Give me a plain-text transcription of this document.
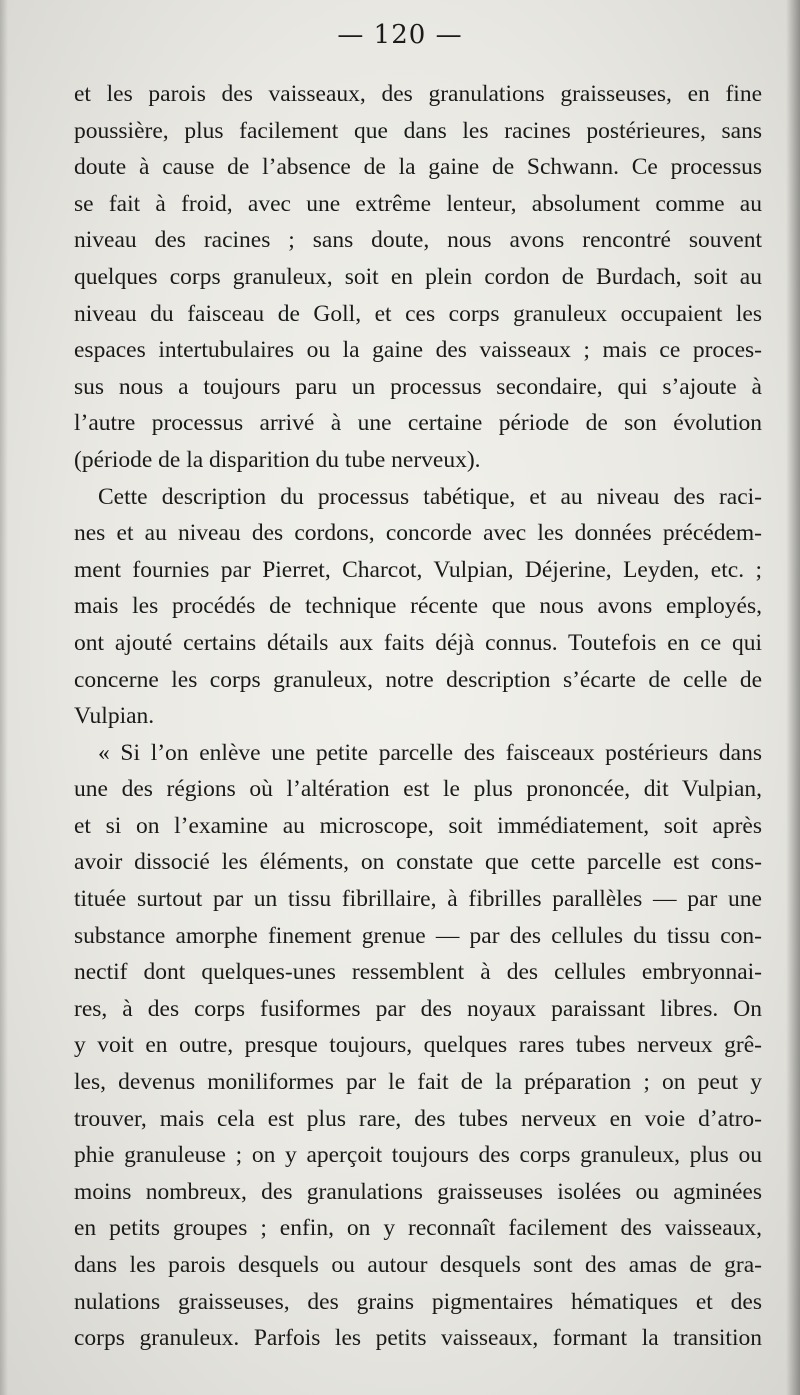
— 120 —
et les parois des vaisseaux, des granulations graisseuses, en fine
poussière, plus facilement que dans les racines postérieures, sans
doute à cause de l’absence de la gaine de Schwann. Ce processus
se fait à froid, avec une extrême lenteur, absolument comme au
niveau des racines ; sans doute, nous avons rencontré souvent
quelques corps granuleux, soit en plein cordon de Burdach, soit au
niveau du faisceau de Goll, et ces corps granuleux occupaient les
espaces intertubulaires ou la gaine des vaisseaux ; mais ce proces-
sus nous a toujours paru un processus secondaire, qui s’ajoute à
l’autre processus arrivé à une certaine période de son évolution
(période de la disparition du tube nerveux).
Cette description du processus tabétique, et au niveau des raci-
nes et au niveau des cordons, concorde avec les données précédem-
ment fournies par Pierret, Charcot, Vulpian, Déjerine, Leyden, etc. ;
mais les procédés de technique récente que nous avons employés,
ont ajouté certains détails aux faits déjà connus. Toutefois en ce qui
concerne les corps granuleux, notre description s’écarte de celle de
Vulpian.
« Si l’on enlève une petite parcelle des faisceaux postérieurs dans
une des régions où l’altération est le plus prononcée, dit Vulpian,
et si on l’examine au microscope, soit immédiatement, soit après
avoir dissocié les éléments, on constate que cette parcelle est cons-
tituée surtout par un tissu fibrillaire, à fibrilles parallèles — par une
substance amorphe finement grenue — par des cellules du tissu con-
nectif dont quelques-unes ressemblent à des cellules embryonnai-
res, à des corps fusiformes par des noyaux paraissant libres. On
y voit en outre, presque toujours, quelques rares tubes nerveux grê-
les, devenus moniliformes par le fait de la préparation ; on peut y
trouver, mais cela est plus rare, des tubes nerveux en voie d’atro-
phie granuleuse ; on y aperçoit toujours des corps granuleux, plus ou
moins nombreux, des granulations graisseuses isolées ou agminées
en petits groupes ; enfin, on y reconnaît facilement des vaisseaux,
dans les parois desquels ou autour desquels sont des amas de gra-
nulations graisseuses, des grains pigmentaires hématiques et des
corps granuleux. Parfois les petits vaisseaux, formant la transition
